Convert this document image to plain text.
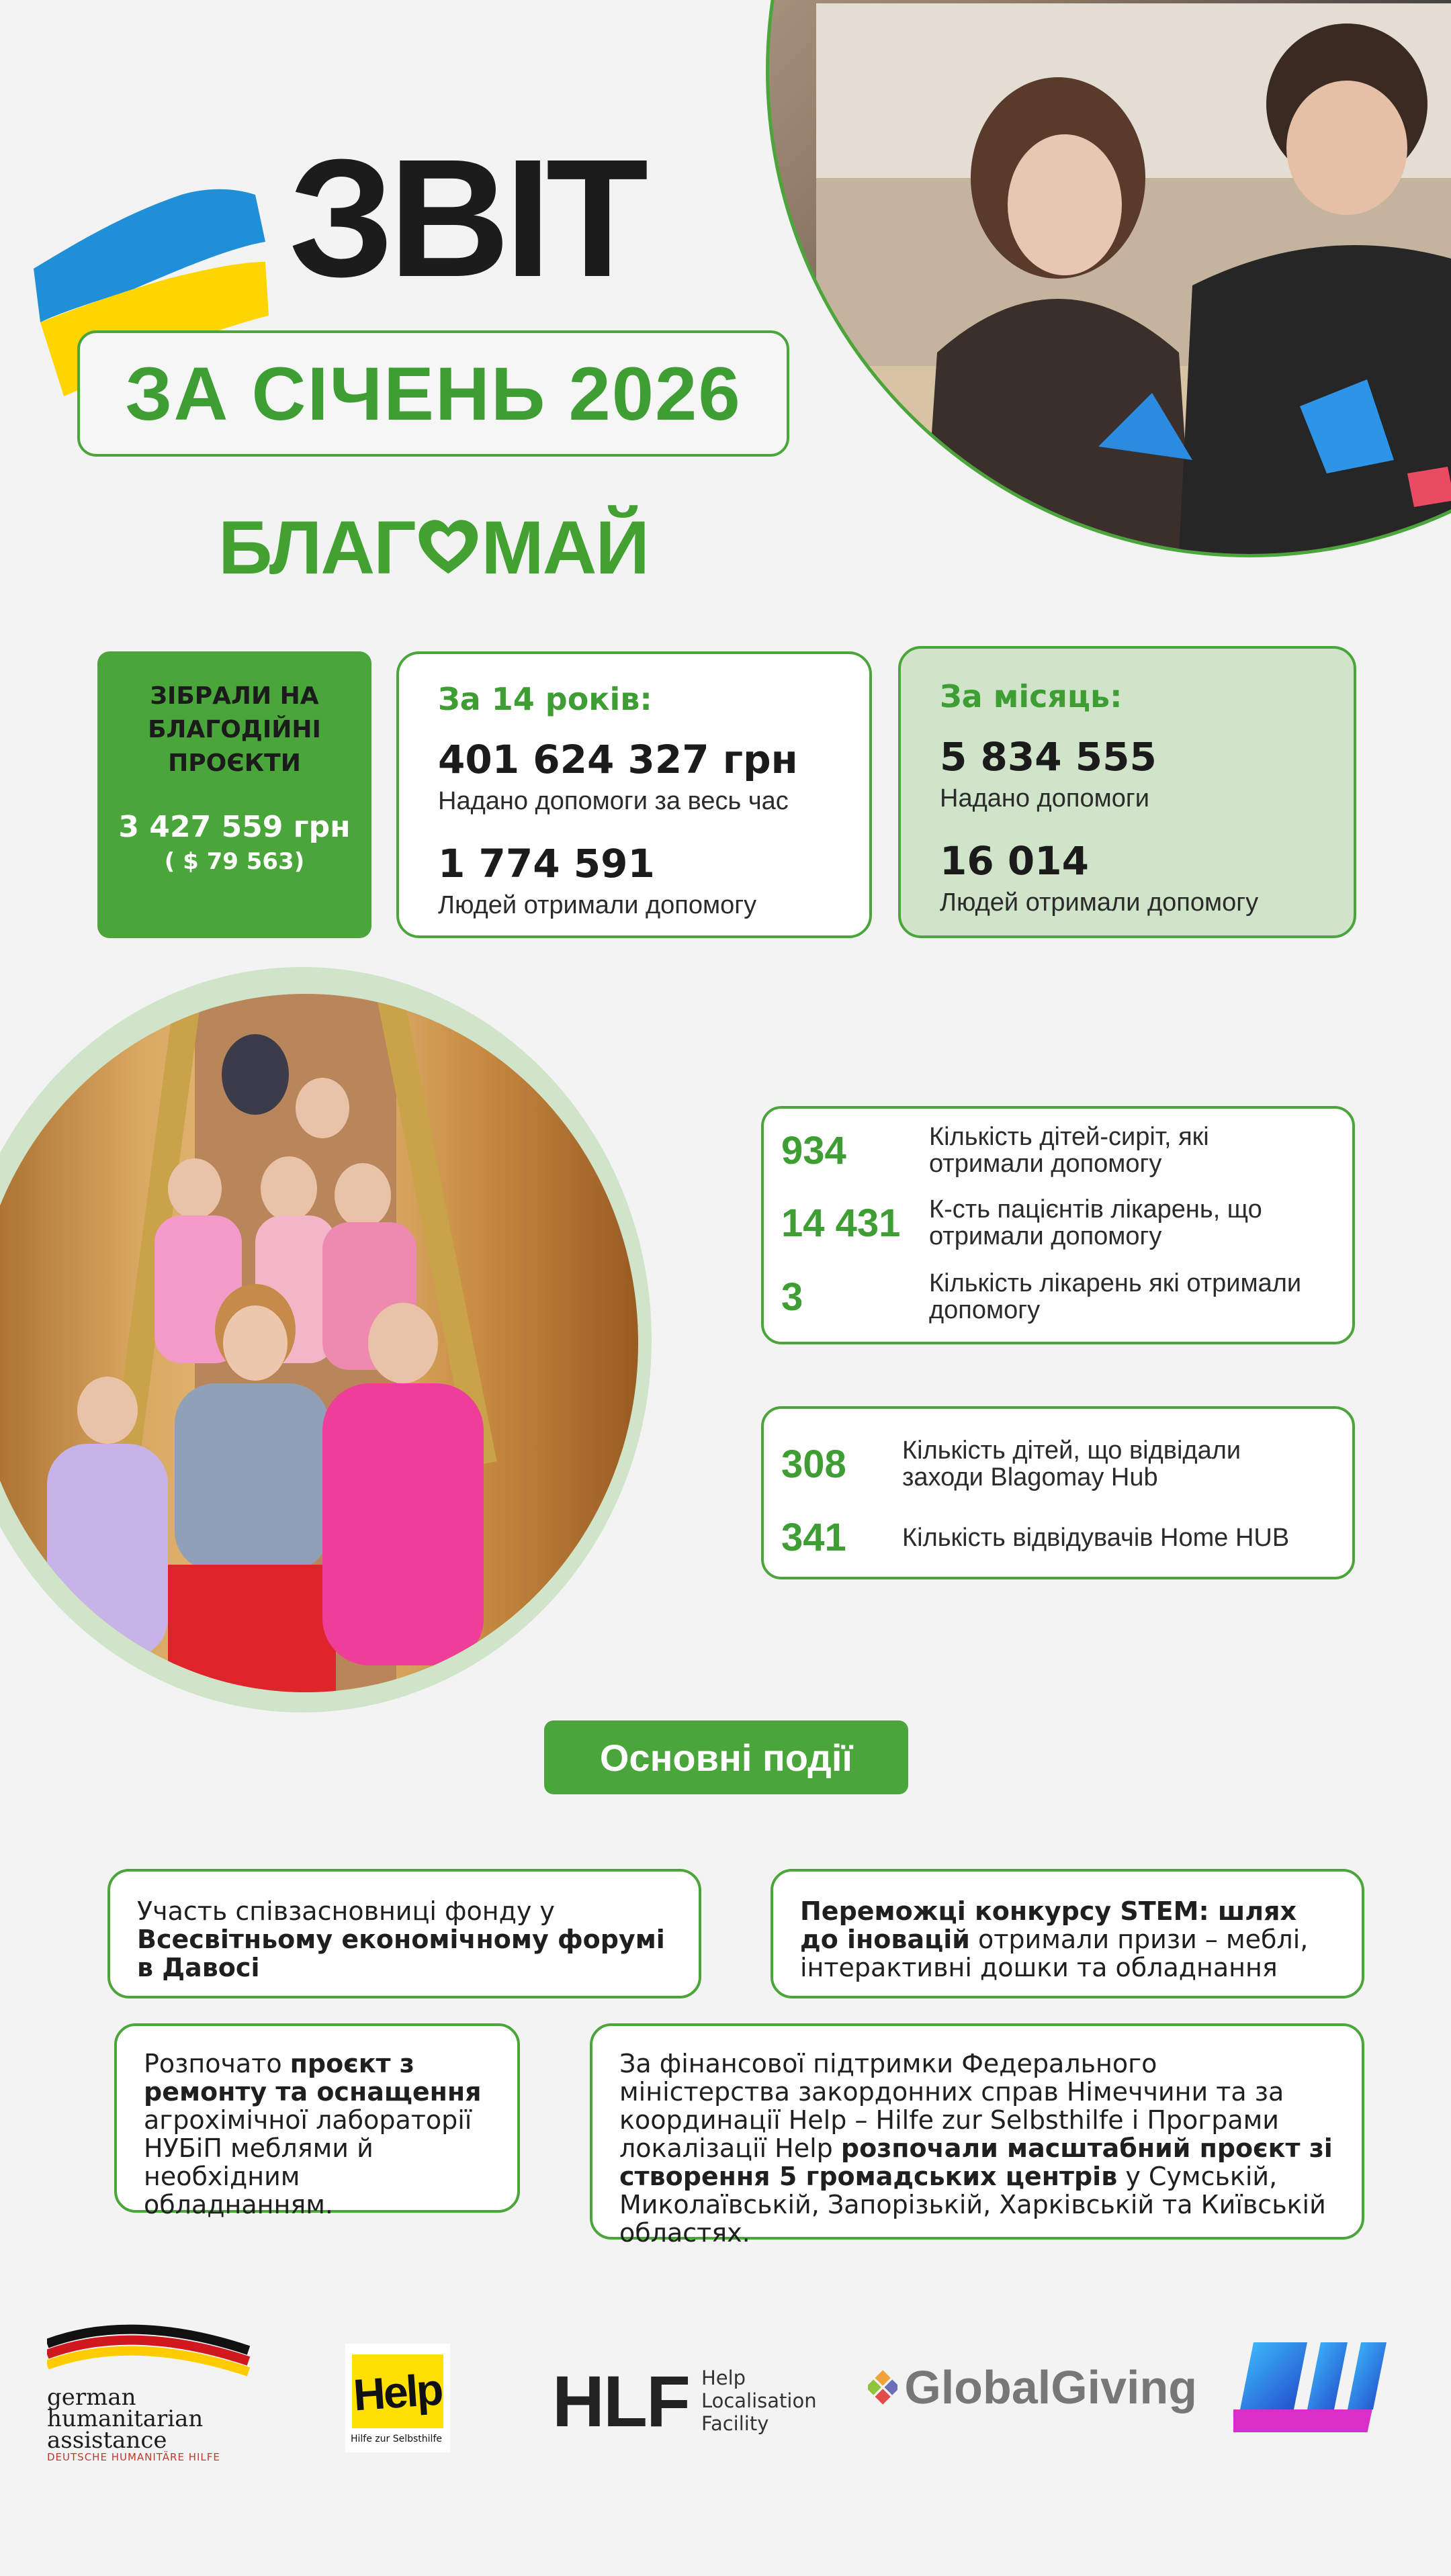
ЗВІТ
ЗА СІЧЕНЬ 2026
БЛАГ МАЙ
ЗІБРАЛИ НА
БЛАГОДІЙНІ
ПРОЄКТИ
3 427 559 грн
( $ 79 563)
За 14 років:
401 624 327 грн
Надано допомоги за весь час
1 774 591
Людей отримали допомогу
За місяць:
5 834 555
Надано допомоги
16 014
Людей отримали допомогу
934	Кількість дітей-сиріт, які
отримали допомогу
14 431	К-сть пацієнтів лікарень, що
отримали допомогу
3	Кількість лікарень які отримали
допомогу
308	Кількість дітей, що відвідали
заходи Blagomay Hub
341	Кількість відвідувачів Home HUB
Основні події
Участь співзасновниці фонду у Всесвітньому економічному форумі в Давосі
Переможці конкурсу STEM: шлях до іновацій отримали призи – меблі, інтерактивні дошки та обладнання
Розпочато проєкт з ремонту та оснащення агрохімічної лабораторії НУБіП меблями й необхідним обладнанням.
За фінансової підтримки Федерального міністерства закордонних справ Німеччини та за координації Help – Hilfe zur Selbsthilfe і Програми локалізації Help розпочали масштабний проєкт зі створення 5 громадських центрів у Сумській, Миколаївській, Запорізькій, Харківській та Київській областях.
german
humanitarian
assistance
DEUTSCHE HUMANITÄRE HILFE
Help
Hilfe zur Selbsthilfe HLF Help
Localisation
Facility
GlobalGiving
